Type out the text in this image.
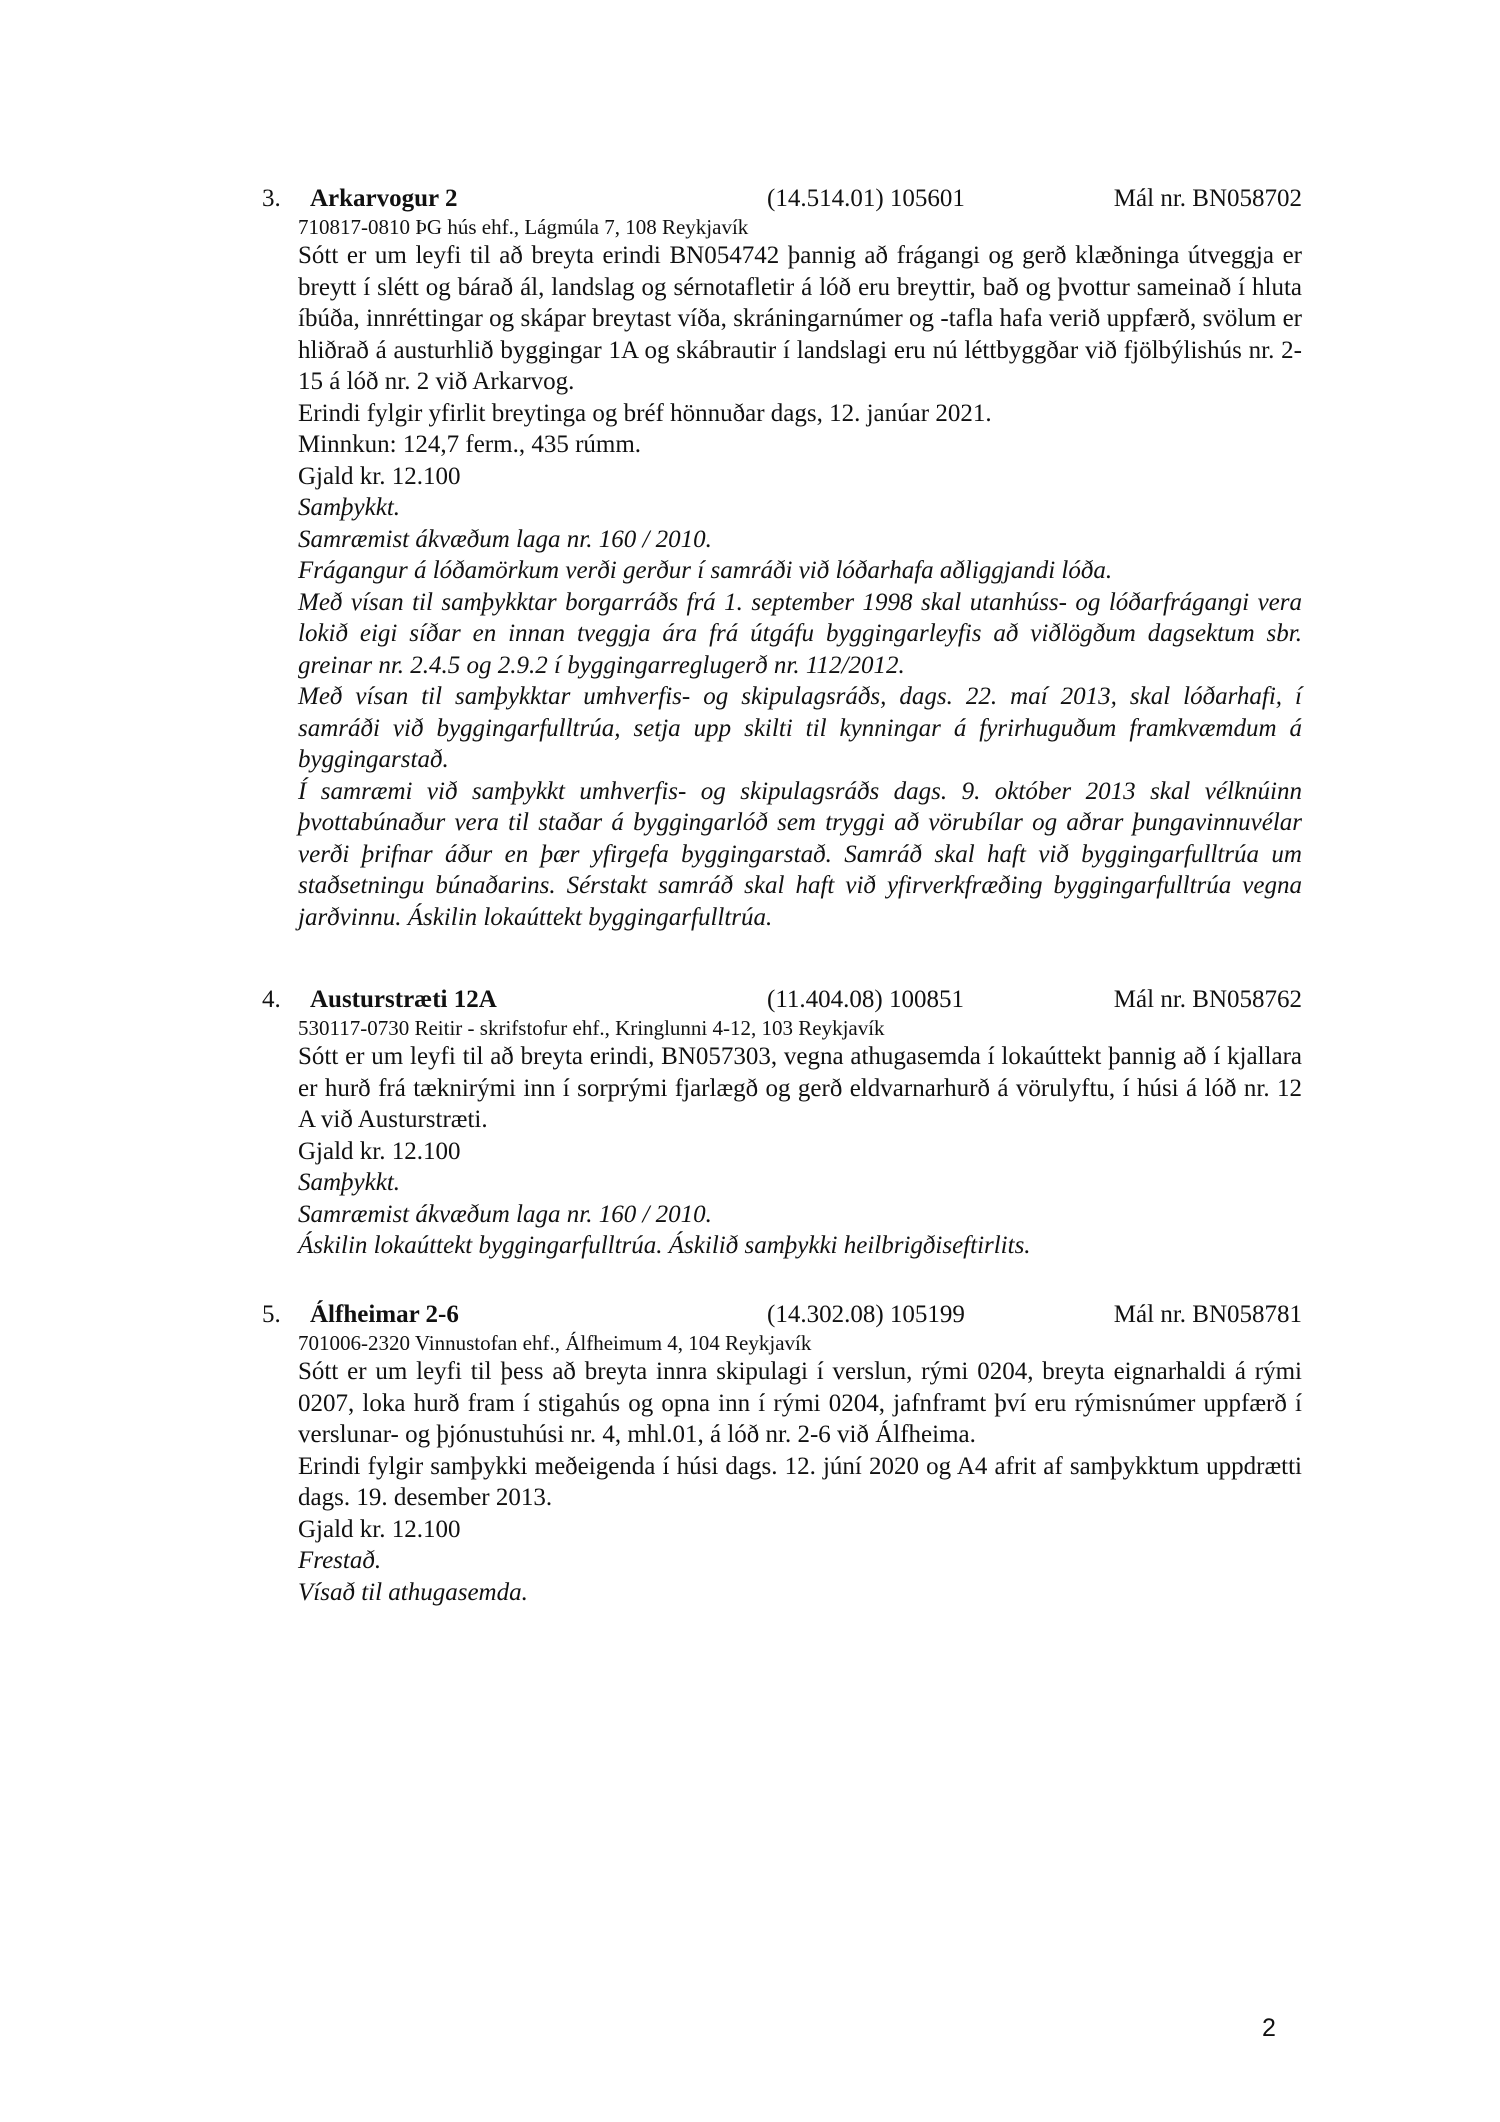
3. Arkarvogur 2	(14.514.01) 105601	Mál nr. BN058702
710817-0810 ÞG hús ehf., Lágmúla 7, 108 Reykjavík
Sótt er um leyfi til að breyta erindi BN054742 þannig að frágangi og gerð klæðninga útveggja er breytt í slétt og bárað ál, landslag og sérnotafletir á lóð eru breyttir, bað og þvottur sameinað í hluta íbúða, innréttingar og skápar breytast víða, skráningarnúmer og -tafla hafa verið uppfærð, svölum er hliðrað á austurhlið byggingar 1A og skábrautir í landslagi eru nú léttbyggðar við fjölbýlishús nr. 2-15 á lóð nr. 2 við Arkarvog.
Erindi fylgir yfirlit breytinga og bréf hönnuðar dags, 12. janúar 2021.
Minnkun: 124,7 ferm., 435 rúmm.
Gjald kr. 12.100
Samþykkt.
Samræmist ákvæðum laga nr. 160 / 2010.
Frágangur á lóðamörkum verði gerður í samráði við lóðarhafa aðliggjandi lóða.
Með vísan til samþykktar borgarráðs frá 1. september 1998 skal utanhúss- og lóðarfrágangi vera lokið eigi síðar en innan tveggja ára frá útgáfu byggingarleyfis að viðlögðum dagsektum sbr. greinar nr. 2.4.5 og 2.9.2 í byggingarreglugerð nr. 112/2012.
Með vísan til samþykktar umhverfis- og skipulagsráðs, dags. 22. maí 2013, skal lóðarhafi, í samráði við byggingarfulltrúa, setja upp skilti til kynningar á fyrirhuguðum framkvæmdum á byggingarstað.
Í samræmi við samþykkt umhverfis- og skipulagsráðs dags. 9. október 2013 skal vélknúinn þvottabúnaður vera til staðar á byggingarlóð sem tryggi að vörubílar og aðrar þungavinnuvélar verði þrifnar áður en þær yfirgefa byggingarstað. Samráð skal haft við byggingarfulltrúa um staðsetningu búnaðarins. Sérstakt samráð skal haft við yfirverkfræðing byggingarfulltrúa vegna jarðvinnu. Áskilin lokaúttekt byggingarfulltrúa.
4. Austurstræti 12A	(11.404.08) 100851	Mál nr. BN058762
530117-0730 Reitir - skrifstofur ehf., Kringlunni 4-12, 103 Reykjavík
Sótt er um leyfi til að breyta erindi, BN057303, vegna athugasemda í lokaúttekt þannig að í kjallara er hurð frá tæknirými inn í sorprými fjarlægð og gerð eldvarnarhurð á vörulyftu, í húsi á lóð nr. 12 A við Austurstræti.
Gjald kr. 12.100
Samþykkt.
Samræmist ákvæðum laga nr. 160 / 2010.
Áskilin lokaúttekt byggingarfulltrúa. Áskilið samþykki heilbrigðiseftirlits.
5. Álfheimar 2-6	(14.302.08) 105199	Mál nr. BN058781
701006-2320 Vinnustofan ehf., Álfheimum 4, 104 Reykjavík
Sótt er um leyfi til þess að breyta innra skipulagi í verslun, rými 0204, breyta eignarhaldi á rými 0207, loka hurð fram í stigahús og opna inn í rými 0204, jafnframt því eru rýmisnúmer uppfærð í verslunar- og þjónustuhúsi nr. 4, mhl.01, á lóð nr. 2-6 við Álfheima.
Erindi fylgir samþykki meðeigenda í húsi dags. 12. júní 2020 og A4 afrit af samþykktum uppdrætti dags. 19. desember 2013.
Gjald kr. 12.100
Frestað.
Vísað til athugasemda.
2
